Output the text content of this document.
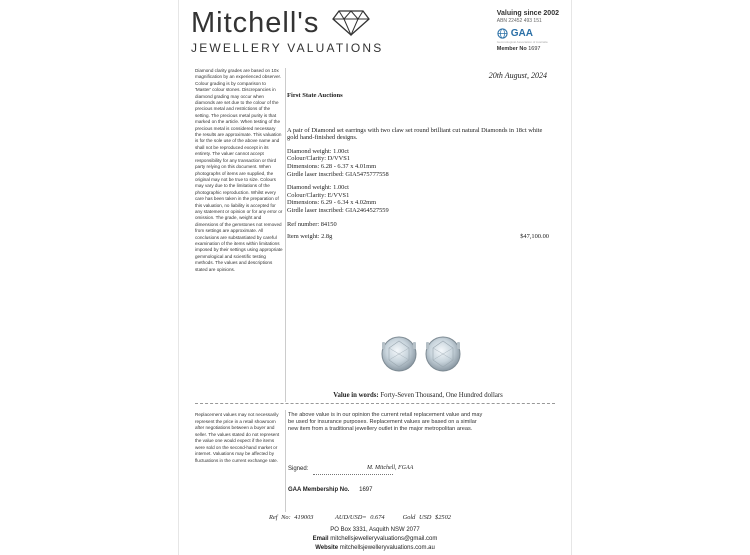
Mitchell's
JEWELLERY VALUATIONS
Valuing since 2002
ABN 22452 493 151
GAA
Gemmological Association of Australia
Member No 1697
Diamond clarity grades are based on 10x magnification by an experienced observer. Colour grading is by comparison to 'Master' colour stones. Discrepancies in diamond grading may occur when diamonds are set due to the colour of the precious metal and restrictions of the setting. The precious metal purity is that marked on the article. When testing of the precious metal is considered necessary the results are approximate. This valuation is for the sole use of the above name and shall not be reproduced except in its entirety. The valuer cannot accept responsibility for any transaction or third party relying on this document. When photographs of items are supplied, the original may not be true to size. Colours may vary due to the limitations of the photographic reproduction. Whilst every care has been taken in the preparation of this valuation, no liability is accepted for any statement or opinion or for any error or omission. The grade, weight and dimensions of the gemstones not removed from settings are approximate. All conclusions are substantiated by careful examination of the items within limitations imposed by their settings using appropriate gemmological and scientific testing methods. The values and descriptions stated are opinions.
20th August, 2024
First State Auctions
A pair of Diamond set earrings with two claw set round brilliant cut natural Diamonds in 18ct white gold hand-finished designs.
Diamond weight: 1.00ct
Colour/Clarity: D/VVS1
Dimensions: 6.28 - 6.37 x 4.01mm
Girdle laser inscribed: GIA5475777558
Diamond weight: 1.00ct
Colour/Clarity: E/VVS1
Dimensions: 6.29 - 6.34 x 4.02mm
Girdle laser inscribed: GIA2464527559
Ref number: 84150
Item weight: 2.8g	$47,100.00
Value in words: Forty-Seven Thousand, One Hundred dollars
Replacement values may not necessarily represent the price in a retail showroom after negotiations between a buyer and seller. The values stated do not represent the value one would expect if the items were sold on the second-hand market or internet. Valuations may be affected by fluctuations in the current exchange rate.
The above value is in our opinion the current retail replacement value and may be used for insurance purposes. Replacement values are based on a similar new item from a traditional jewellery outlet in the major metropolitan areas.
Signed:	M. Mitchell, FGAA
GAA Membership No. 1697
Ref No: 419003	AUD/USD= 0.674	Gold USD $2502
PO Box 3331, Asquith NSW 2077
Email mitchellsjewelleryvaluations@gmail.com
Website mitchellsjewelleryvaluations.com.au
